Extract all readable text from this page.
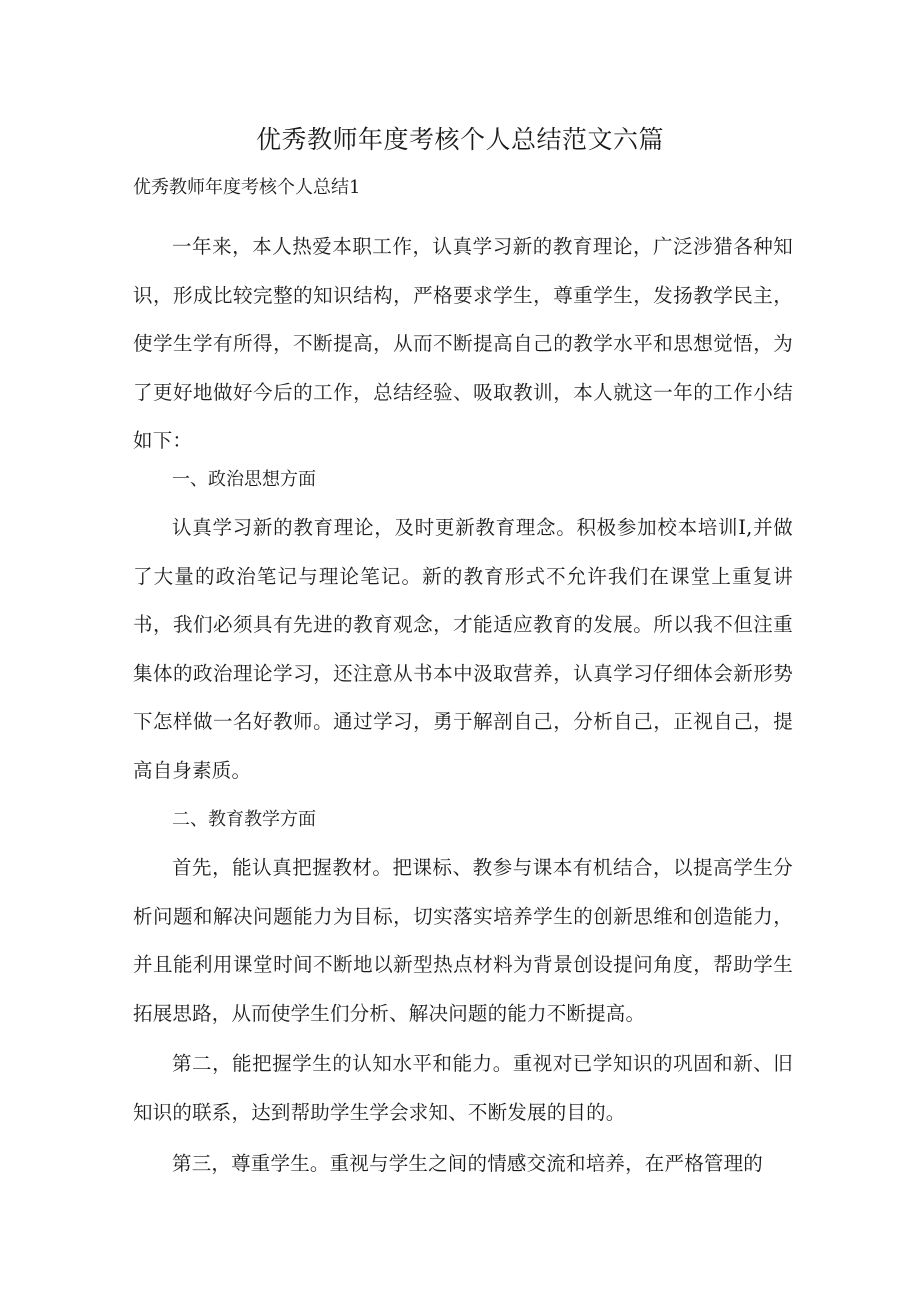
优秀教师年度考核个人总结范文六篇

优秀教师年度考核个人总结1

一年来，本人热爱本职工作，认真学习新的教育理论，广泛涉猎各种知识，形成比较完整的知识结构，严格要求学生，尊重学生，发扬教学民主，使学生学有所得，不断提高，从而不断提高自己的教学水平和思想觉悟，为了更好地做好今后的工作，总结经验、吸取教训，本人就这一年的工作小结如下：

一、政治思想方面

认真学习新的教育理论，及时更新教育理念。积极参加校本培训I,并做了大量的政治笔记与理论笔记。新的教育形式不允许我们在课堂上重复讲书，我们必须具有先进的教育观念，才能适应教育的发展。所以我不但注重集体的政治理论学习，还注意从书本中汲取营养，认真学习仔细体会新形势下怎样做一名好教师。通过学习，勇于解剖自己，分析自己，正视自己，提高自身素质。

二、教育教学方面

首先，能认真把握教材。把课标、教参与课本有机结合，以提高学生分析问题和解决问题能力为目标，切实落实培养学生的创新思维和创造能力，并且能利用课堂时间不断地以新型热点材料为背景创设提问角度，帮助学生拓展思路，从而使学生们分析、解决问题的能力不断提高。

第二，能把握学生的认知水平和能力。重视对已学知识的巩固和新、旧知识的联系，达到帮助学生学会求知、不断发展的目的。

第三，尊重学生。重视与学生之间的情感交流和培养，在严格管理的
